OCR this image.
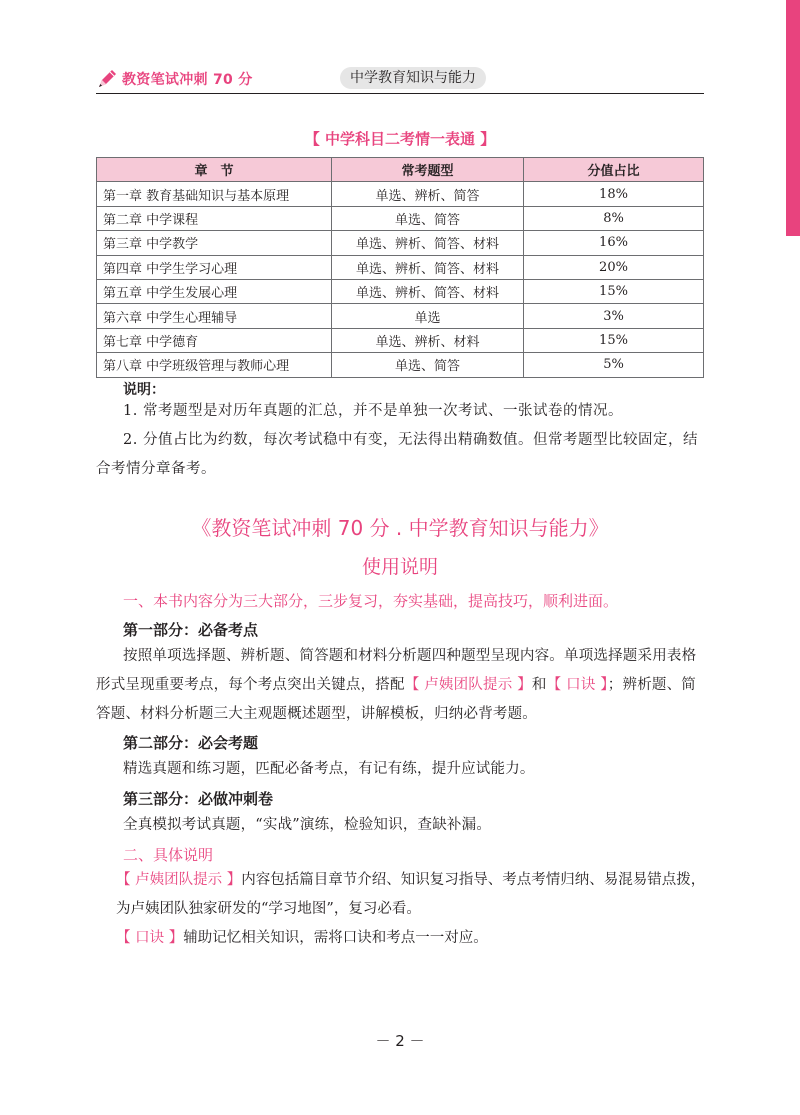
教资笔试冲刺 70 分	中学教育知识与能力
【 中学科目二考情一表通 】
章　节	常考题型	分值占比
第一章 教育基础知识与基本原理	单选、辨析、简答	18%
第二章 中学课程	单选、简答	8%
第三章 中学教学	单选、辨析、简答、材料	16%
第四章 中学生学习心理	单选、辨析、简答、材料	20%
第五章 中学生发展心理	单选、辨析、简答、材料	15%
第六章 中学生心理辅导	单选	3%
第七章 中学德育	单选、辨析、材料	15%
第八章 中学班级管理与教师心理	单选、简答	5%
说明：

1. 常考题型是对历年真题的汇总，并不是单独一次考试、一张试卷的情况。

2. 分值占比为约数，每次考试稳中有变，无法得出精确数值。但常考题型比较固定，结合考情分章备考。

《教资笔试冲刺 70 分 . 中学教育知识与能力》
使用说明
一、本书内容分为三大部分，三步复习，夯实基础，提高技巧，顺利进面。
第一部分：必备考点

按照单项选择题、辨析题、简答题和材料分析题四种题型呈现内容。单项选择题采用表格形式呈现重要考点，每个考点突出关键点，搭配【 卢姨团队提示 】和【 口诀 】；辨析题、简答题、材料分析题三大主观题概述题型，讲解模板，归纳必背考题。

第二部分：必会考题

精选真题和练习题，匹配必备考点，有记有练，提升应试能力。

第三部分：必做冲刺卷

全真模拟考试真题，“实战”演练，检验知识，查缺补漏。

二、具体说明
【 卢姨团队提示 】内容包括篇目章节介绍、知识复习指导、考点考情归纳、易混易错点拨，为卢姨团队独家研发的“学习地图”，复习必看。
【 口诀 】辅助记忆相关知识，需将口诀和考点一一对应。
－ 2 －
